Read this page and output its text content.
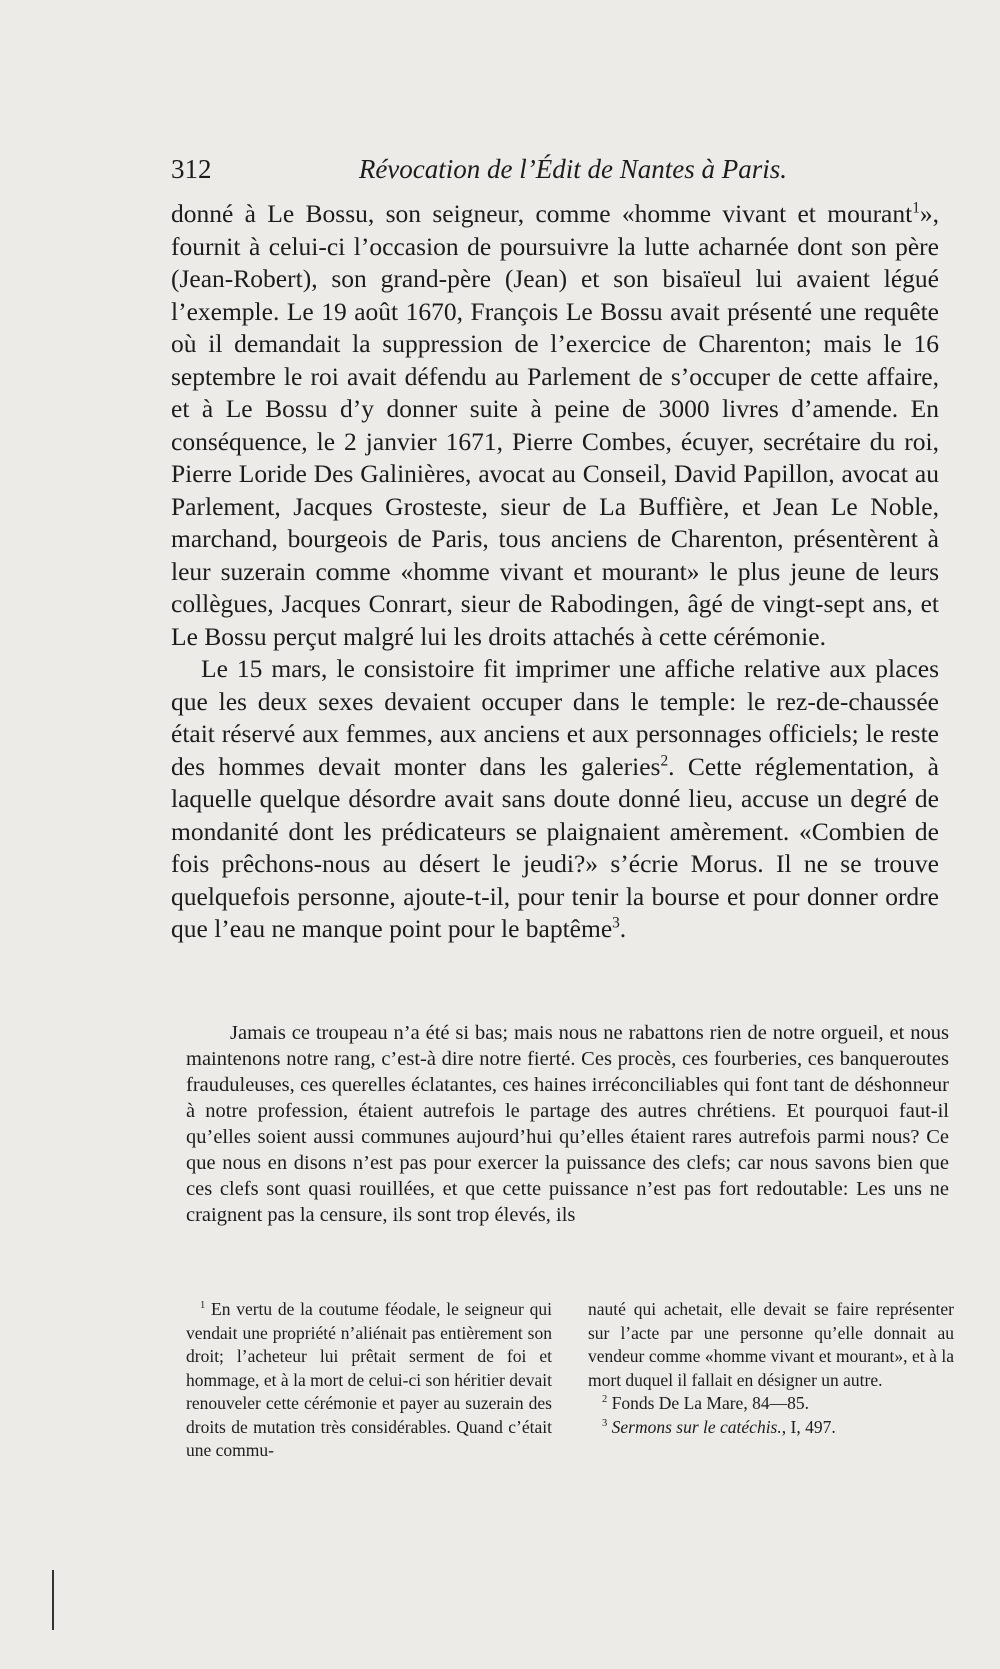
312	Révocation de l’Édit de Nantes à Paris.

donné à Le Bossu, son seigneur, comme «homme vivant et mourant$^1$», fournit à celui-ci l’occasion de poursuivre la lutte acharnée dont son père (Jean-Robert), son grand-père (Jean) et son bisaïeul lui avaient légué l’exemple. Le 19 août 1670, François Le Bossu avait présenté une requête où il demandait la suppression de l’exercice de Charenton; mais le 16 septembre le roi avait défendu au Parlement de s’occuper de cette affaire, et à Le Bossu d’y donner suite à peine de 3000 livres d’amende. En conséquence, le 2 janvier 1671, Pierre Combes, écuyer, secrétaire du roi, Pierre Loride Des Galinières, avocat au Conseil, David Papillon, avocat au Parlement, Jacques Grosteste, sieur de La Buffière, et Jean Le Noble, marchand, bourgeois de Paris, tous anciens de Charenton, présentèrent à leur suzerain comme «homme vivant et mourant» le plus jeune de leurs collègues, Jacques Conrart, sieur de Rabodingen, âgé de vingt-sept ans, et Le Bossu perçut malgré lui les droits attachés à cette cérémonie.

Le 15 mars, le consistoire fit imprimer une affiche relative aux places que les deux sexes devaient occuper dans le temple: le rez-de-chaussée était réservé aux femmes, aux anciens et aux personnages officiels; le reste des hommes devait monter dans les galeries$^2$. Cette réglementation, à laquelle quelque désordre avait sans doute donné lieu, accuse un degré de mondanité dont les prédicateurs se plaignaient amèrement. «Combien de fois prêchons-nous au désert le jeudi?» s’écrie Morus. Il ne se trouve quelquefois personne, ajoute-t-il, pour tenir la bourse et pour donner ordre que l’eau ne manque point pour le baptême$^3$.

Jamais ce troupeau n’a été si bas; mais nous ne rabattons rien de notre orgueil, et nous maintenons notre rang, c’est-à dire notre fierté. Ces procès, ces fourberies, ces banqueroutes frauduleuses, ces querelles éclatantes, ces haines irréconciliables qui font tant de déshonneur à notre profession, étaient autrefois le partage des autres chrétiens. Et pourquoi faut-il qu’elles soient aussi communes aujourd’hui qu’elles étaient rares autrefois parmi nous? Ce que nous en disons n’est pas pour exercer la puissance des clefs; car nous savons bien que ces clefs sont quasi rouillées, et que cette puissance n’est pas fort redoutable: Les uns ne craignent pas la censure, ils sont trop élevés, ils

$^1$ En vertu de la coutume féodale, le seigneur qui vendait une propriété n’aliénait pas entièrement son droit; l’acheteur lui prêtait serment de foi et hommage, et à la mort de celui-ci son héritier devait renouveler cette cérémonie et payer au suzerain des droits de mutation très considérables. Quand c’était une commu-

nauté qui achetait, elle devait se faire représenter sur l’acte par une personne qu’elle donnait au vendeur comme «homme vivant et mourant», et à la mort duquel il fallait en désigner un autre.

$^2$ Fonds De La Mare, 84—85.

$^3$ Sermons sur le catéchis., I, 497.
